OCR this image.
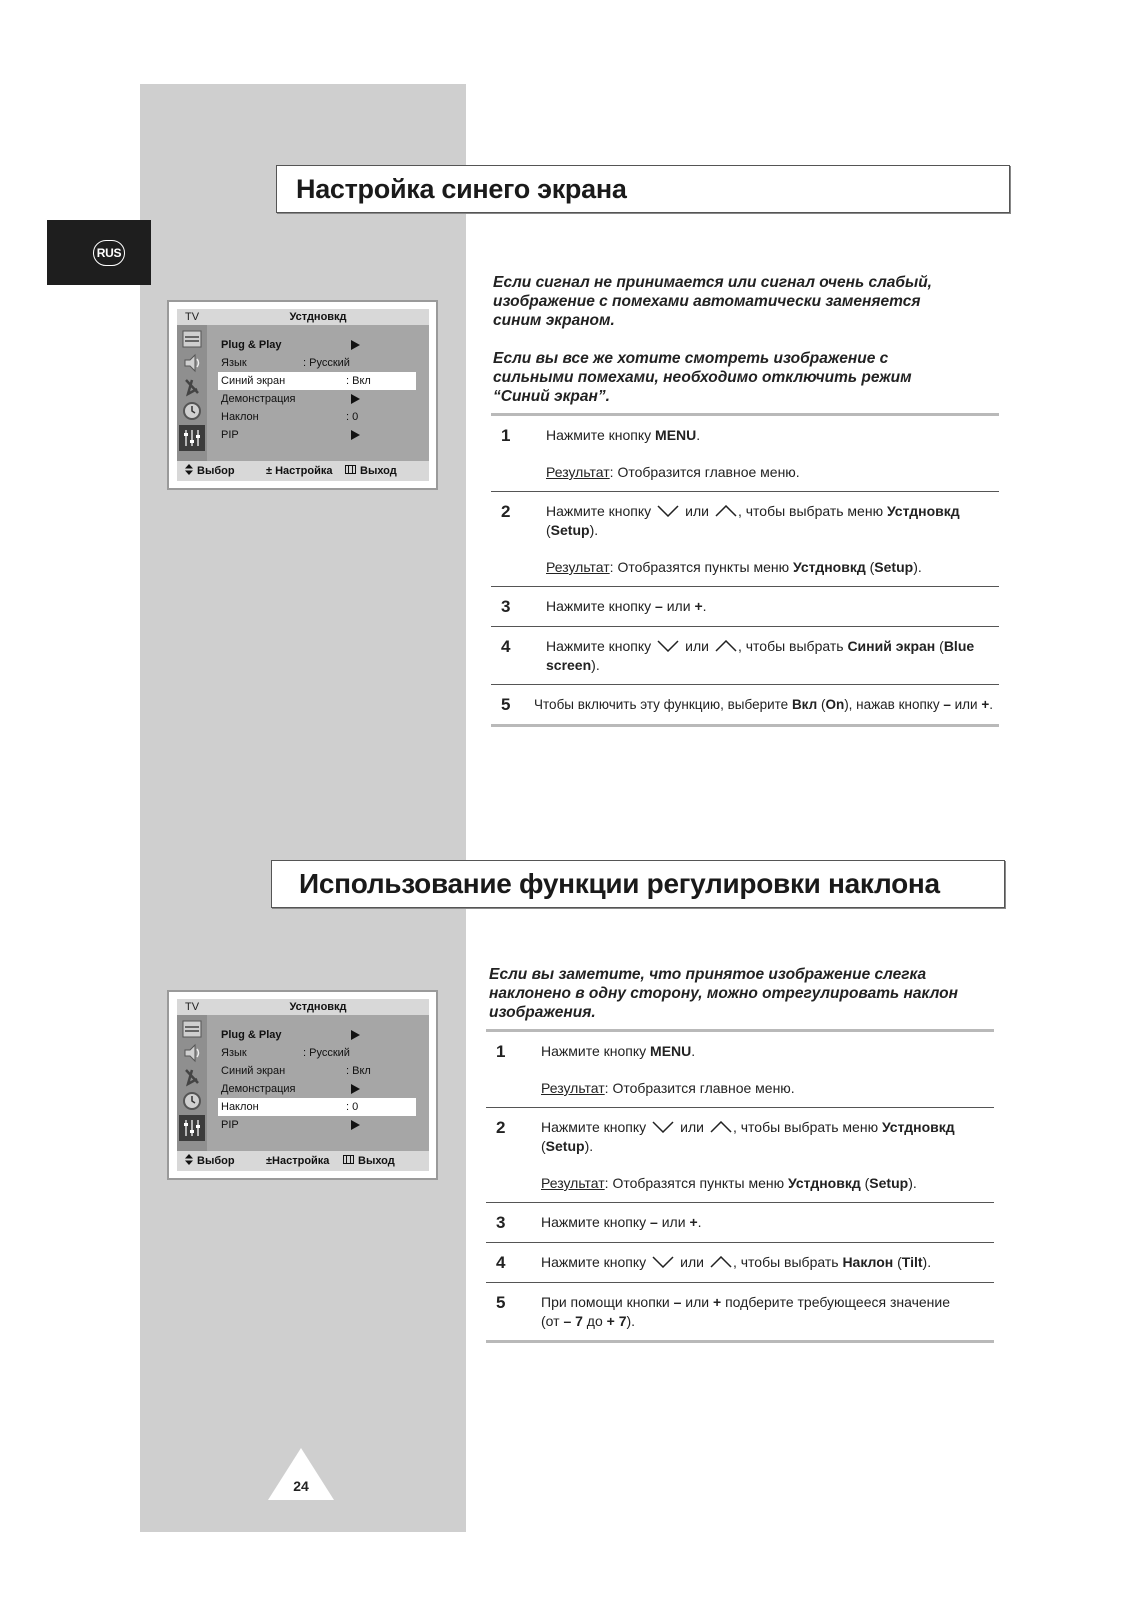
RUS
Настройка синего экрана
TV	Устдновкд
Plug & Play
Язык	: Русский
Синий экран	: Вкл
Демонстрация
Наклон	: 0
PIP
Выбор	± Настройка	Выход

Если сигнал не принимается или сигнал очень слабый, изображение с помехами автоматически заменяется синим экраном.

Если вы все же хотите смотреть изображение с сильными помехами, необходимо отключить режим “Синий экран”.

1	Нажмите кнопку MENU.
Результат: Отобразится главное меню.
2	Нажмите кнопку или , чтобы выбрать меню Устдновкд
(Setup).
Результат: Отобразятся пункты меню Устдновкд (Setup).
3	Нажмите кнопку – или +.
4	Нажмите кнопку или , чтобы выбрать Синий экран (Blue screen).
5	Чтобы включить эту функцию, выберите Вкл (On), нажав кнопку – или +.
Использование функции регулировки наклона
TV	Устдновкд
Plug & Play
Язык	: Русский
Синий экран	: Вкл
Демонстрация
Наклон	: 0
PIP
Выбор	±Настройка	Выход

Если вы заметите, что принятое изображение слегка наклонено в одну сторону, можно отрегулировать наклон изображения.

1	Нажмите кнопку MENU.
Результат: Отобразится главное меню.
2	Нажмите кнопку или , чтобы выбрать меню Устдновкд
(Setup).
Результат: Отобразятся пункты меню Устдновкд (Setup).
3	Нажмите кнопку – или +.
4	Нажмите кнопку или , чтобы выбрать Наклон (Tilt).
5	При помощи кнопки – или + подберите требующееся значение
(от – 7 до + 7).
24
